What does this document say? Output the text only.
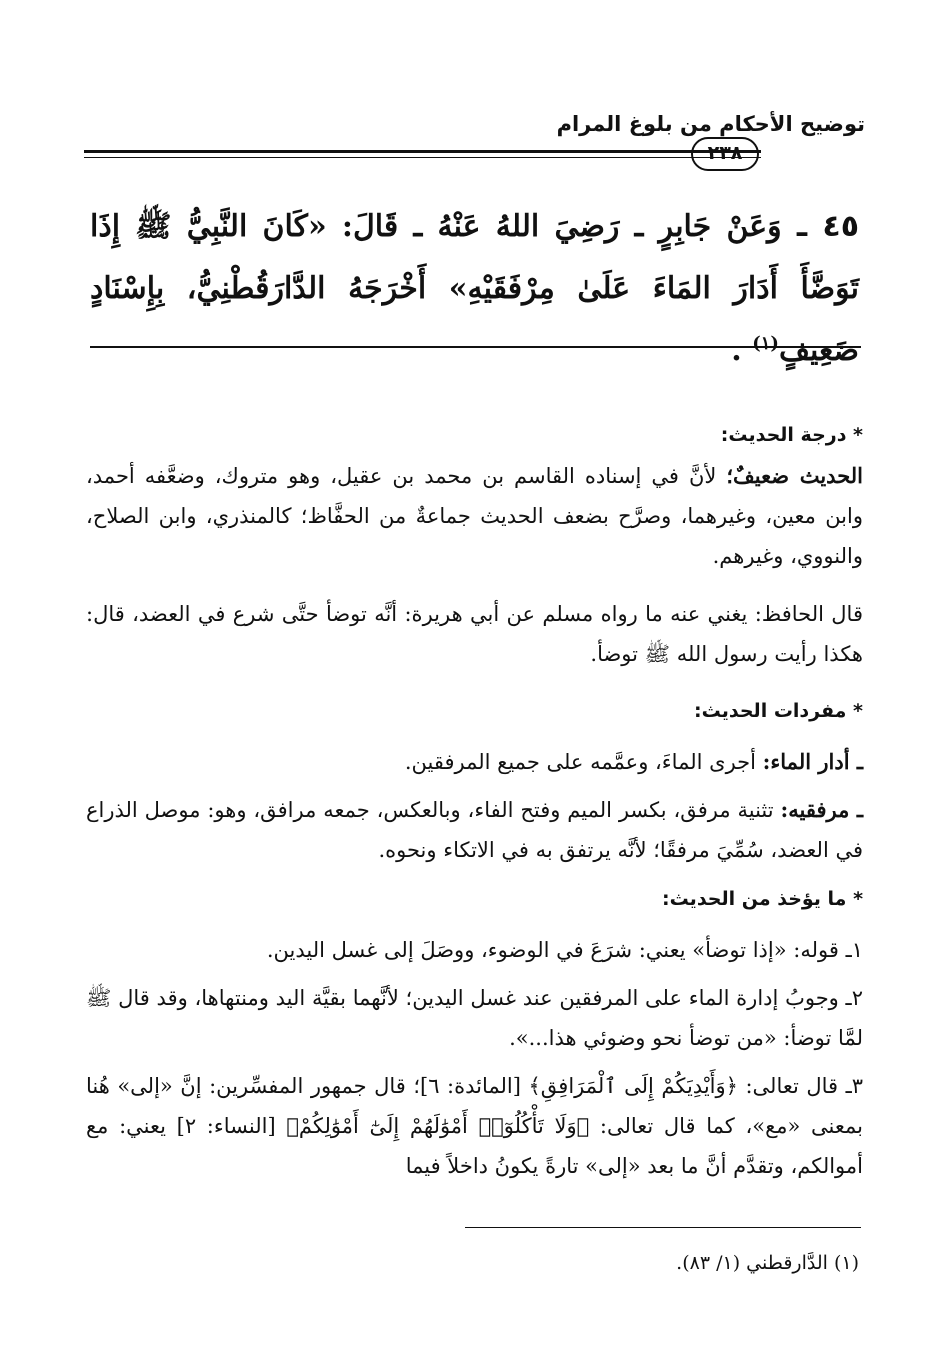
توضيح الأحكام من بلوغ المرام
٢٣٨
٤٥ ـ وَعَنْ جَابِرٍ ـ رَضِيَ اللهُ عَنْهُ ـ قَالَ: «كَانَ النَّبِيُّ ﷺ إِذَا تَوَضَّأَ أَدَارَ المَاءَ عَلَىٰ مِرْفَقَيْهِ» أَخْرَجَهُ الدَّارَقُطْنِيُّ، بِإِسْنَادٍ ضَعِيفٍ$^{(١)}$ .
* درجة الحديث:
الحديث ضعيفٌ؛ لأنَّ في إسناده القاسم بن محمد بن عقيل، وهو متروك، وضعَّفه أحمد، وابن معين، وغيرهما، وصرَّح بضعف الحديث جماعةٌ من الحفَّاظ؛ كالمنذري، وابن الصلاح، والنووي، وغيرهم.
قال الحافظ: يغني عنه ما رواه مسلم عن أبي هريرة: أنَّه توضأ حتَّى شرع في العضد، قال: هكذا رأيت رسول الله ﷺ توضأ.
* مفردات الحديث:
ـ أدار الماء: أجرى الماءَ، وعمَّمه على جميع المرفقين.
ـ مرفقيه: تثنية مرفق، بكسر الميم وفتح الفاء، وبالعكس، جمعه مرافق، وهو: موصل الذراع في العضد، سُمِّيَ مرفقًا؛ لأنَّه يرتفق به في الاتكاء ونحوه.
* ما يؤخذ من الحديث:
١ـ قوله: «إذا توضأ» يعني: شرَعَ في الوضوء، ووصَلَ إلى غسل اليدين.
٢ـ وجوبُ إدارة الماء على المرفقين عند غسل اليدين؛ لأنَّهما بقيَّة اليد ومنتهاها، وقد قال ﷺ لمَّا توضأ: «من توضأ نحو وضوئي هذا...».
٣ـ قال تعالى: ﴿وَأَيْدِيَكُمْ إِلَى ٱلْمَرَافِقِ﴾ [المائدة: ٦]؛ قال جمهور المفسِّرين: إنَّ «إلى» هُنا بمعنى «مع»، كما قال تعالى: ﴿وَلَا تَأْكُلُوٓا۟ أَمْوَٰلَهُمْ إِلَىٰٓ أَمْوَٰلِكُمْ﴾ [النساء: ٢] يعني: مع أموالكم، وتقدَّم أنَّ ما بعد «إلى» تارةً يكونُ داخلاً فيما
(١) الدَّارقطني (١/ ٨٣).
